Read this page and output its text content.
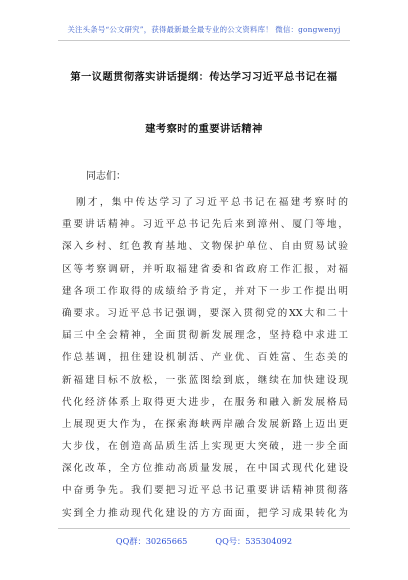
关注头条号“公文研究”，获得最新最全最专业的公文资料库！ 微信：gongwenyj
第一议题贯彻落实讲话提纲：传达学习习近平总书记在福
建考察时的重要讲话精神
同志们：
刚才，集中传达学习了习近平总书记在福建考察时的
重要讲话精神。习近平总书记先后来到漳州、厦门等地，
深入乡村、红色教育基地、文物保护单位、自由贸易试验
区等考察调研，并听取福建省委和省政府工作汇报，对福
建各项工作取得的成绩给予肯定，并对下一步工作提出明
确要求。习近平总书记强调，要深入贯彻党的XX大和二十
届三中全会精神，全面贯彻新发展理念，坚持稳中求进工
作总基调，扭住建设机制活、产业优、百姓富、生态美的
新福建目标不放松，一张蓝图绘到底，继续在加快建设现
代化经济体系上取得更大进步，在服务和融入新发展格局
上展现更大作为，在探索海峡两岸融合发展新路上迈出更
大步伐，在创造高品质生活上实现更大突破，进一步全面
深化改革，全方位推动高质量发展，在中国式现代化建设
中奋勇争先。我们要把习近平总书记重要讲话精神贯彻落
实到全力推动现代化建设的方方面面，把学习成果转化为
QQ群：30265665	QQ号：535304092
